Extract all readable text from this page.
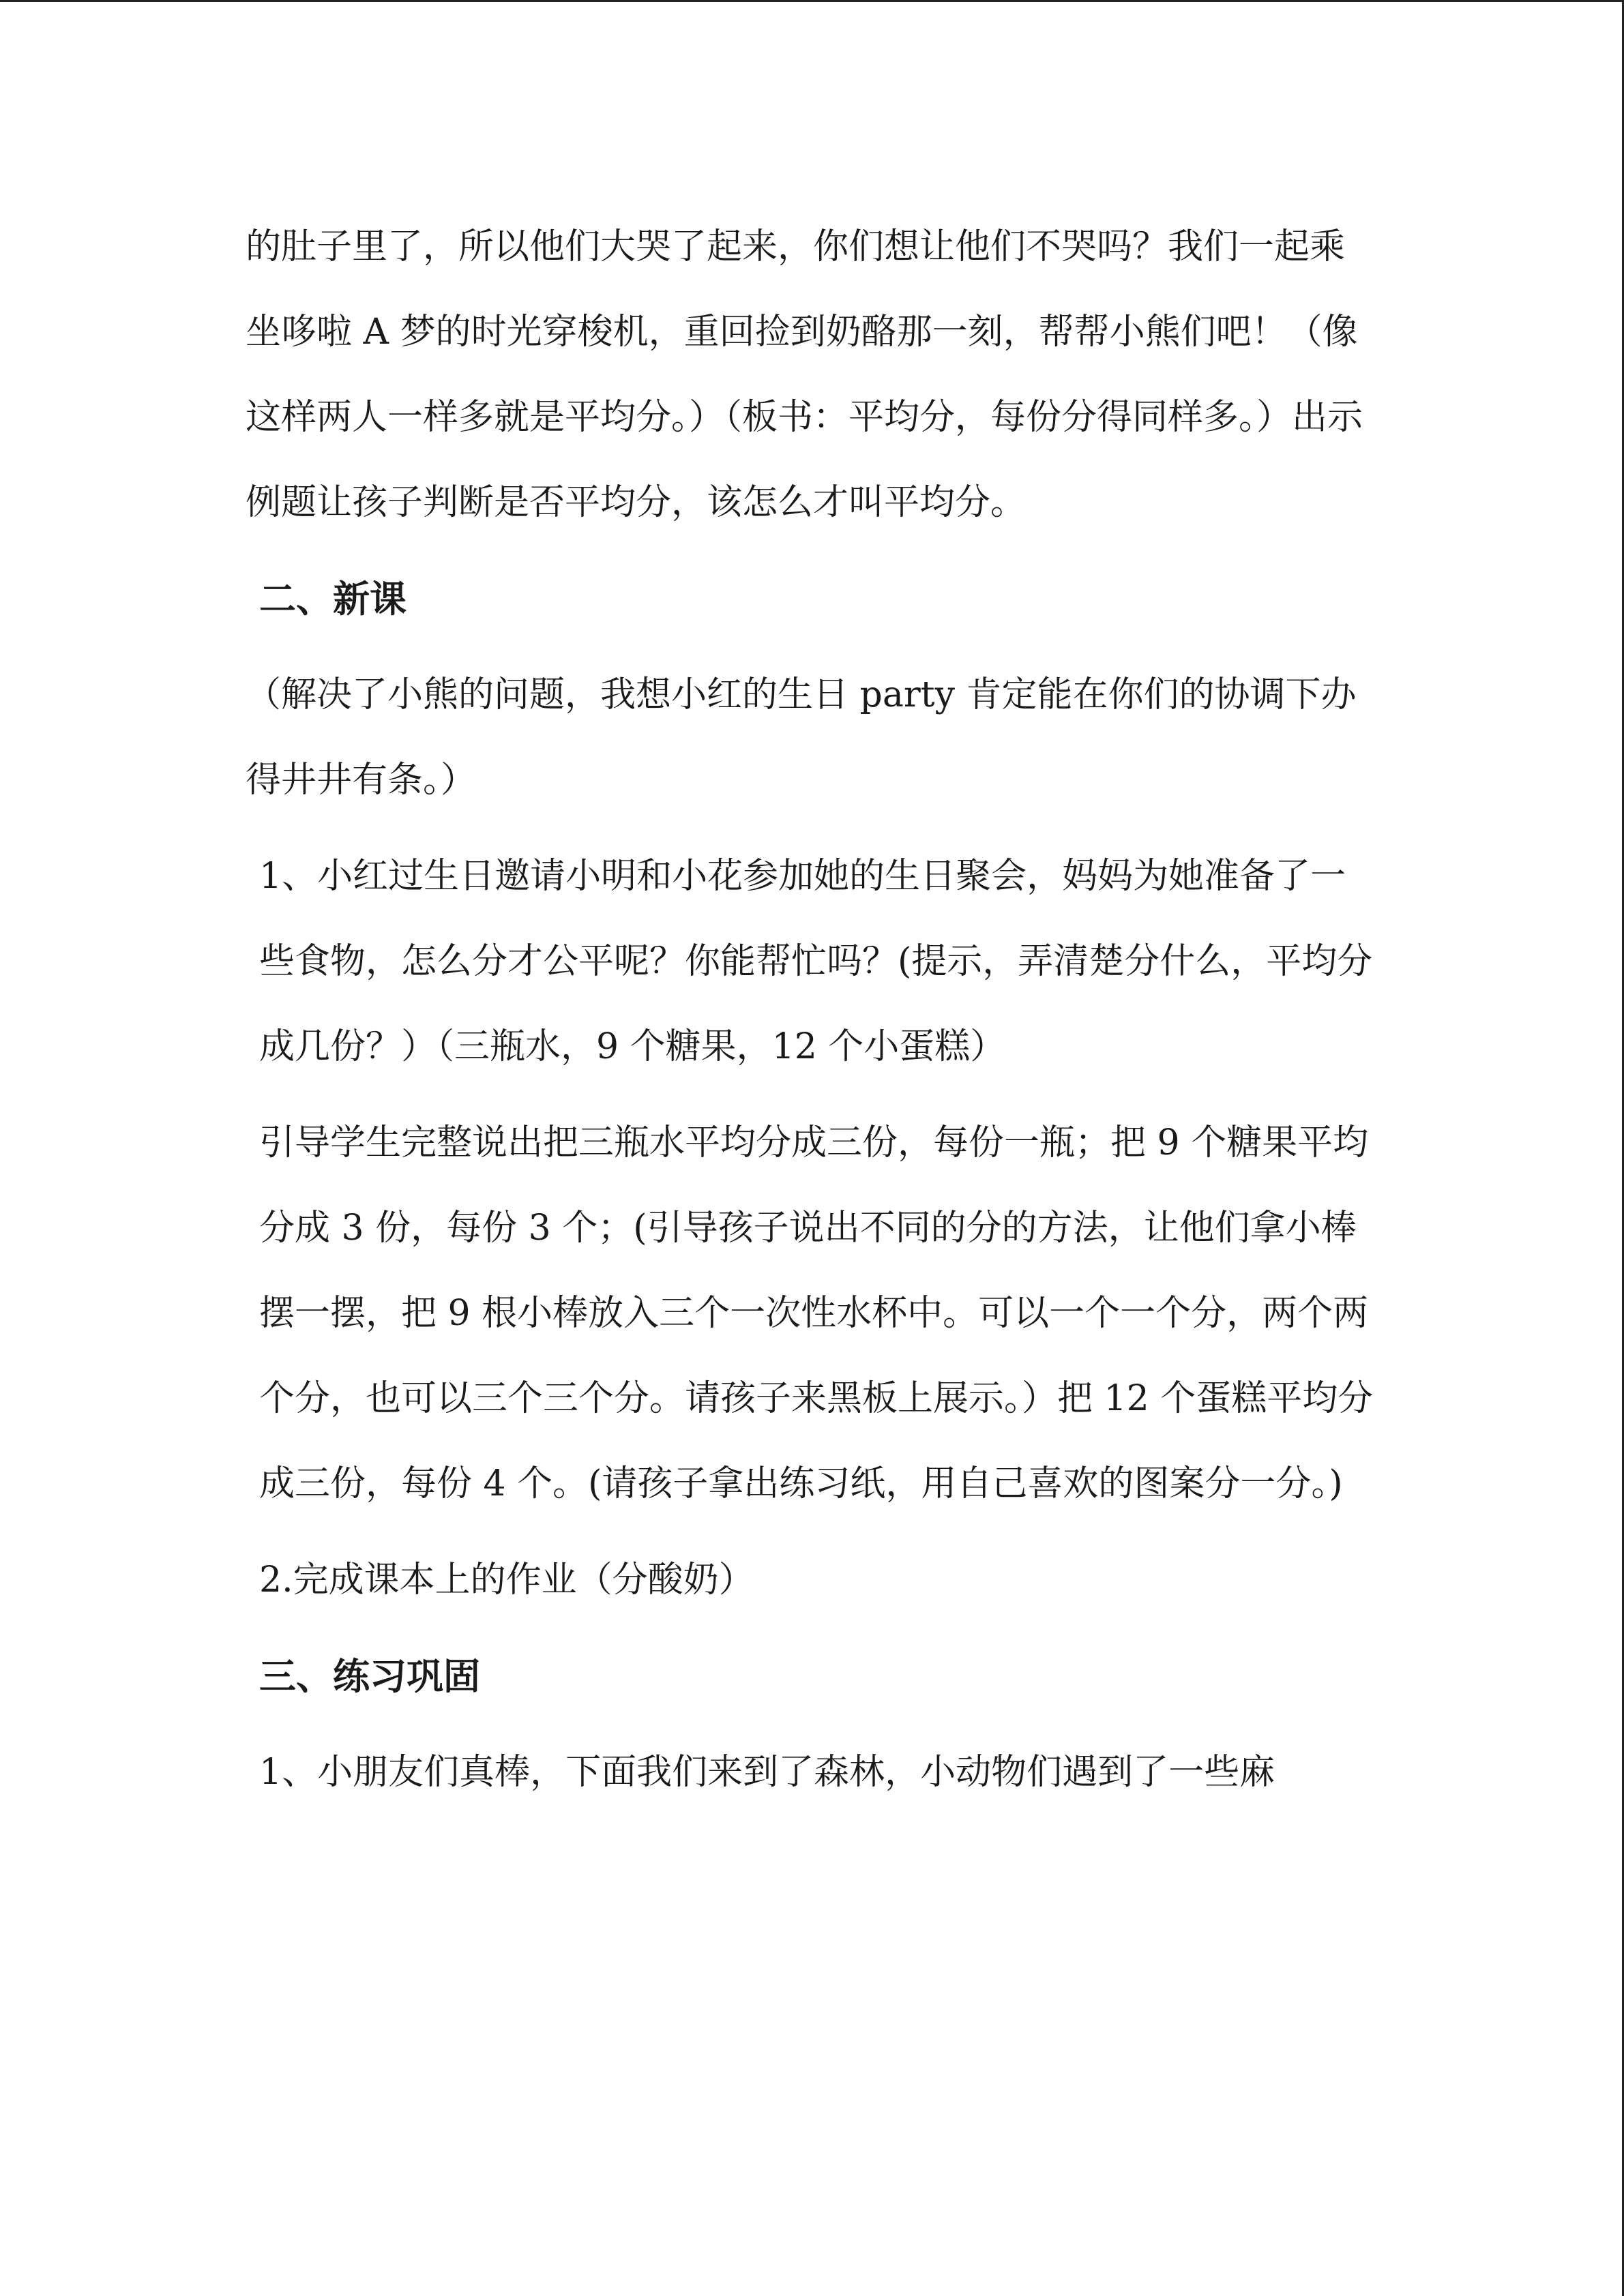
的肚子里了，所以他们大哭了起来，你们想让他们不哭吗？我们一起乘坐哆啦 A 梦的时光穿梭机，重回捡到奶酪那一刻，帮帮小熊们吧！（像这样两人一样多就是平均分。）（板书：平均分，每份分得同样多。）出示例题让孩子判断是否平均分，该怎么才叫平均分。

二、新课

（解决了小熊的问题，我想小红的生日 party 肯定能在你们的协调下办得井井有条。）

1、小红过生日邀请小明和小花参加她的生日聚会，妈妈为她准备了一些食物，怎么分才公平呢？你能帮忙吗？(提示，弄清楚分什么，平均分成几份？）（三瓶水，9 个糖果，12 个小蛋糕）

引导学生完整说出把三瓶水平均分成三份，每份一瓶；把 9 个糖果平均分成 3 份，每份 3 个；(引导孩子说出不同的分的方法，让他们拿小棒摆一摆，把 9 根小棒放入三个一次性水杯中。可以一个一个分，两个两个分，也可以三个三个分。请孩子来黑板上展示。）把 12 个蛋糕平均分成三份，每份 4 个。(请孩子拿出练习纸，用自己喜欢的图案分一分。)

2.完成课本上的作业（分酸奶）

三、练习巩固

1、小朋友们真棒，下面我们来到了森林，小动物们遇到了一些麻
